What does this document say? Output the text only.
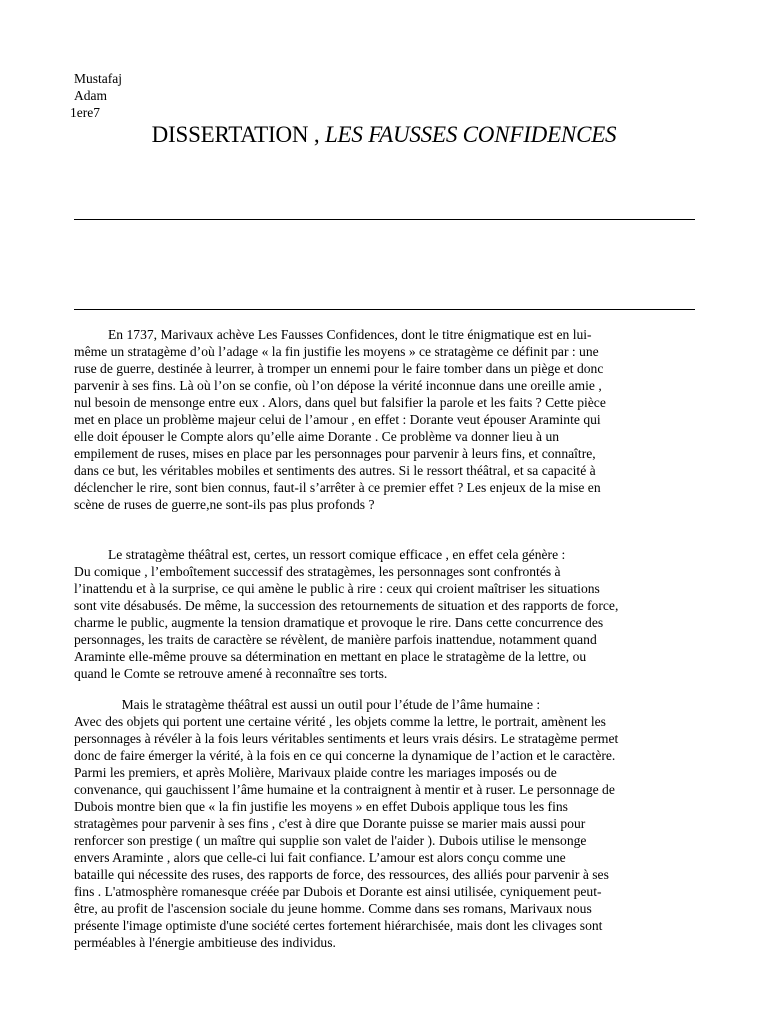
Mustafaj
Adam
1ere7
DISSERTATION , LES FAUSSES CONFIDENCES
En 1737, Marivaux achève Les Fausses Confidences, dont le titre énigmatique est en lui-
même un stratagème d’où l’adage « la fin justifie les moyens » ce stratagème ce définit par : une
ruse de guerre, destinée à leurrer, à tromper un ennemi pour le faire tomber dans un piège et donc
parvenir à ses fins. Là où l’on se confie, où l’on dépose la vérité inconnue dans une oreille amie ,
nul besoin de mensonge entre eux . Alors, dans quel but falsifier la parole et les faits ? Cette pièce
met en place un problème majeur celui de l’amour , en effet : Dorante veut épouser Araminte qui
elle doit épouser le Compte alors qu’elle aime Dorante . Ce problème va donner lieu à un
empilement de ruses, mises en place par les personnages pour parvenir à leurs fins, et connaître,
dans ce but, les véritables mobiles et sentiments des autres. Si le ressort théâtral, et sa capacité à
déclencher le rire, sont bien connus, faut-il s’arrêter à ce premier effet ? Les enjeux de la mise en
scène de ruses de guerre,ne sont-ils pas plus profonds ?
Le stratagème théâtral est, certes, un ressort comique efficace , en effet cela génère :
Du comique , l’emboîtement successif des stratagèmes, les personnages sont confrontés à
l’inattendu et à la surprise, ce qui amène le public à rire : ceux qui croient maîtriser les situations
sont vite désabusés. De même, la succession des retournements de situation et des rapports de force,
charme le public, augmente la tension dramatique et provoque le rire. Dans cette concurrence des
personnages, les traits de caractère se révèlent, de manière parfois inattendue, notamment quand
Araminte elle-même prouve sa détermination en mettant en place le stratagème de la lettre, ou
quand le Comte se retrouve amené à reconnaître ses torts.
Mais le stratagème théâtral est aussi un outil pour l’étude de l’âme humaine :
Avec des objets qui portent une certaine vérité , les objets comme la lettre, le portrait, amènent les
personnages à révéler à la fois leurs véritables sentiments et leurs vrais désirs. Le stratagème permet
donc de faire émerger la vérité, à la fois en ce qui concerne la dynamique de l’action et le caractère.
Parmi les premiers, et après Molière, Marivaux plaide contre les mariages imposés ou de
convenance, qui gauchissent l’âme humaine et la contraignent à mentir et à ruser. Le personnage de
Dubois montre bien que « la fin justifie les moyens » en effet Dubois applique tous les fins
stratagèmes pour parvenir à ses fins , c'est à dire que Dorante puisse se marier mais aussi pour
renforcer son prestige ( un maître qui supplie son valet de l'aider ). Dubois utilise le mensonge
envers Araminte , alors que celle-ci lui fait confiance. L’amour est alors conçu comme une
bataille qui nécessite des ruses, des rapports de force, des ressources, des alliés pour parvenir à ses
fins . L'atmosphère romanesque créée par Dubois et Dorante est ainsi utilisée, cyniquement peut-
être, au profit de l'ascension sociale du jeune homme. Comme dans ses romans, Marivaux nous
présente l'image optimiste d'une société certes fortement hiérarchisée, mais dont les clivages sont
perméables à l'énergie ambitieuse des individus.
